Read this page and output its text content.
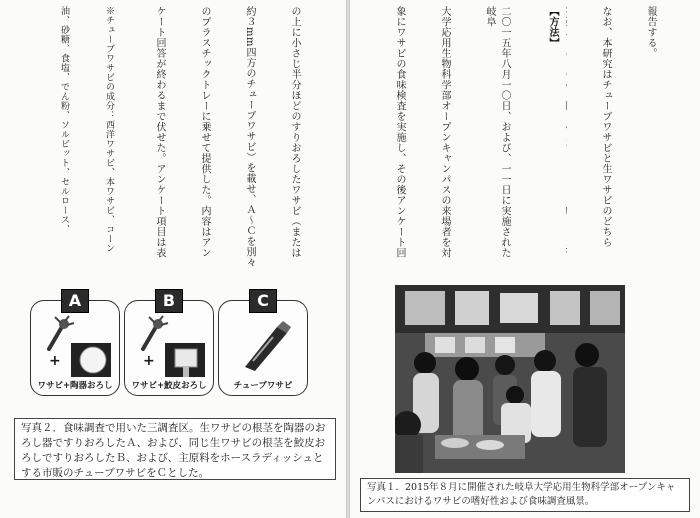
の上に小さじ半分ほどのすりおろしたワサビ（または

約３mm四方のチューブワサビ）を載せ、Ａ～Ｃを別々

のプラスチックトレーに乗せて提供した。内容はアン

ケート回答が終わるまで伏せた。アンケート項目は表

※チューブワサビの成分：西洋ワサビ、本ワサビ、コーン

油、砂糖、食塩、でん粉、ソルビット、セルロース、

A
+
ワサビ+陶器おろし
B
+
ワサビ+鮫皮おろし
C
チューブワサビ
写真２．食味調査で用いた三調査区。生ワサビの根茎を陶器のおろし器ですりおろしたＡ、および、同じ生ワサビの根茎を鮫皮おろしですりおろしたＢ、および、主原料をホースラディッシュとする市販のチューブワサビをＣとした。

報告する。

なお、本研究はチューブワサビと生ワサビのどちら

【方法】

二〇一五年八月一〇日、および、一一日に実施された岐阜

大学応用生物科学部オープンキャンパスの来場者を対

象にワサビの食味検査を実施し、その後アンケート回

写真１．2015年８月に開催された岐阜大学応用生物科学部オープンキャンパスにおけるワサビの嗜好性および食味調査風景。
